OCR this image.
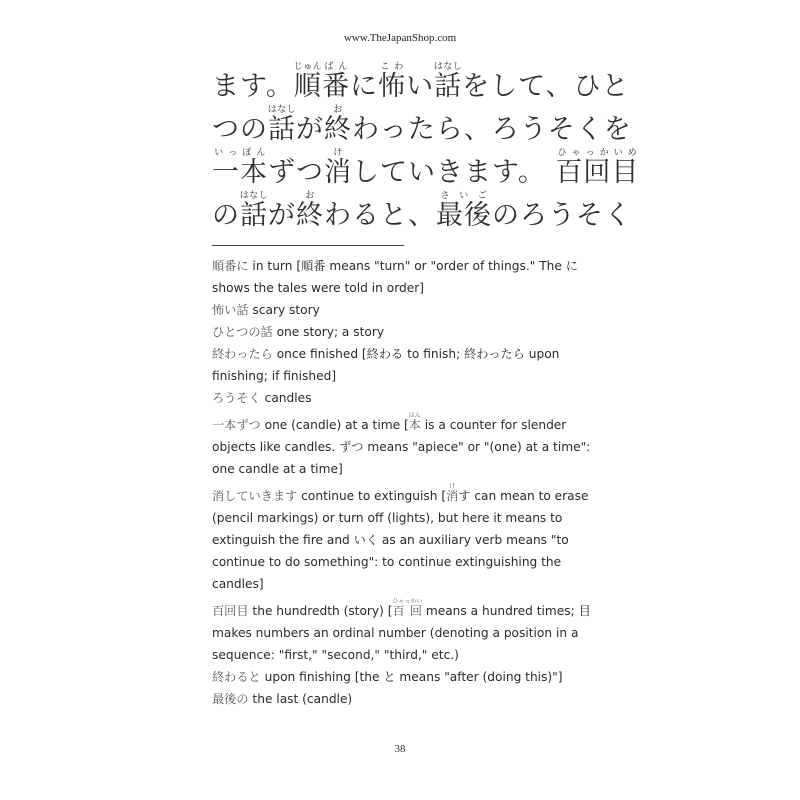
www.TheJapanShop.com
ます。順じゅん番ばんに怖こわい話はなしをして、ひと
つの話はなしが終おわったら、ろうそくを
一本いっぽんずつ消けしていきます。 百回目ひゃっかいめ
の話はなしが終おわると、最後さいごのろうそく

順番に in turn [順番 means "turn" or "order of things." The に shows the tales were told in order]

怖い話 scary story

ひとつの話 one story; a story

終わったら once finished [終わる to finish; 終わったら upon finishing; if finished]

ろうそく candles

一本ずつ one (candle) at a time [本ほん is a counter for slender objects like candles. ずつ means "apiece" or "(one) at a time": one candle at a time]

消していきます continue to extinguish [消けす can mean to erase (pencil markings) or turn off (lights), but here it means to extinguish the fire and いく as an auxiliary verb means "to continue to do something": to continue extinguishing the candles]

百回目 the hundredth (story) [百 回ひゃっかい means a hundred times; 目 makes numbers an ordinal number (denoting a position in a sequence: "first," "second," "third," etc.)

終わると upon finishing [the と means "after (doing this)"]

最後の the last (candle)

38
